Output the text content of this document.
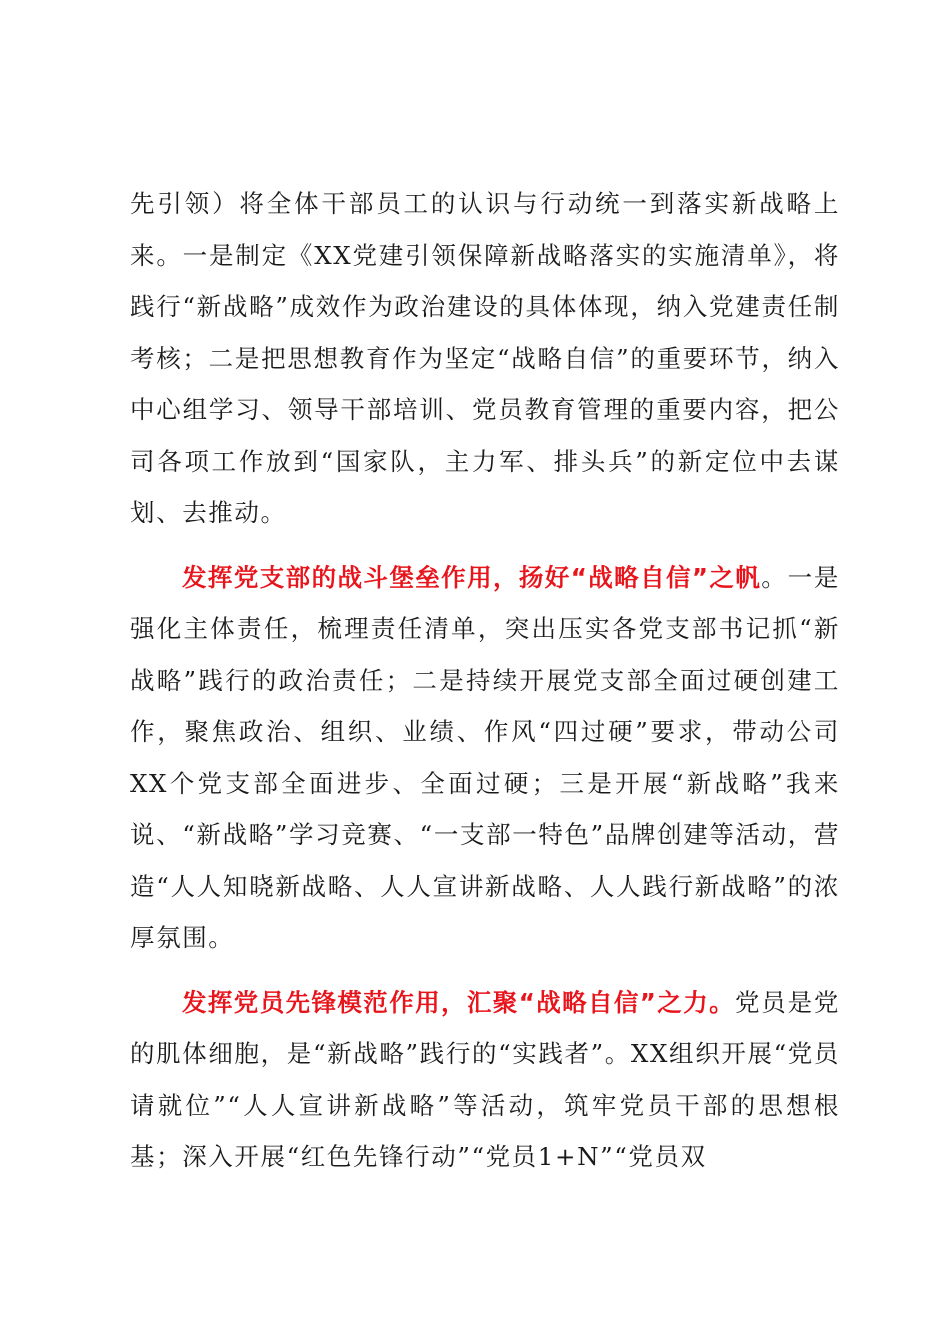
先引领）将全体干部员工的认识与行动统一到落实新战略上来。一是制定《XX党建引领保障新战略落实的实施清单》，将践行“新战略”成效作为政治建设的具体体现，纳入党建责任制考核；二是把思想教育作为坚定“战略自信”的重要环节，纳入中心组学习、领导干部培训、党员教育管理的重要内容，把公司各项工作放到“国家队，主力军、排头兵”的新定位中去谋划、去推动。

发挥党支部的战斗堡垒作用，扬好“战略自信”之帆。一是强化主体责任，梳理责任清单，突出压实各党支部书记抓“新战略”践行的政治责任；二是持续开展党支部全面过硬创建工作，聚焦政治、组织、业绩、作风“四过硬”要求，带动公司XX个党支部全面进步、全面过硬；三是开展“新战略”我来说、“新战略”学习竞赛、“一支部一特色”品牌创建等活动，营造“人人知晓新战略、人人宣讲新战略、人人践行新战略”的浓厚氛围。

发挥党员先锋模范作用，汇聚“战略自信”之力。党员是党的肌体细胞，是“新战略”践行的“实践者”。XX组织开展“党员请就位”“人人宣讲新战略”等活动，筑牢党员干部的思想根基；深入开展“红色先锋行动”“党员1+N”“党员双
